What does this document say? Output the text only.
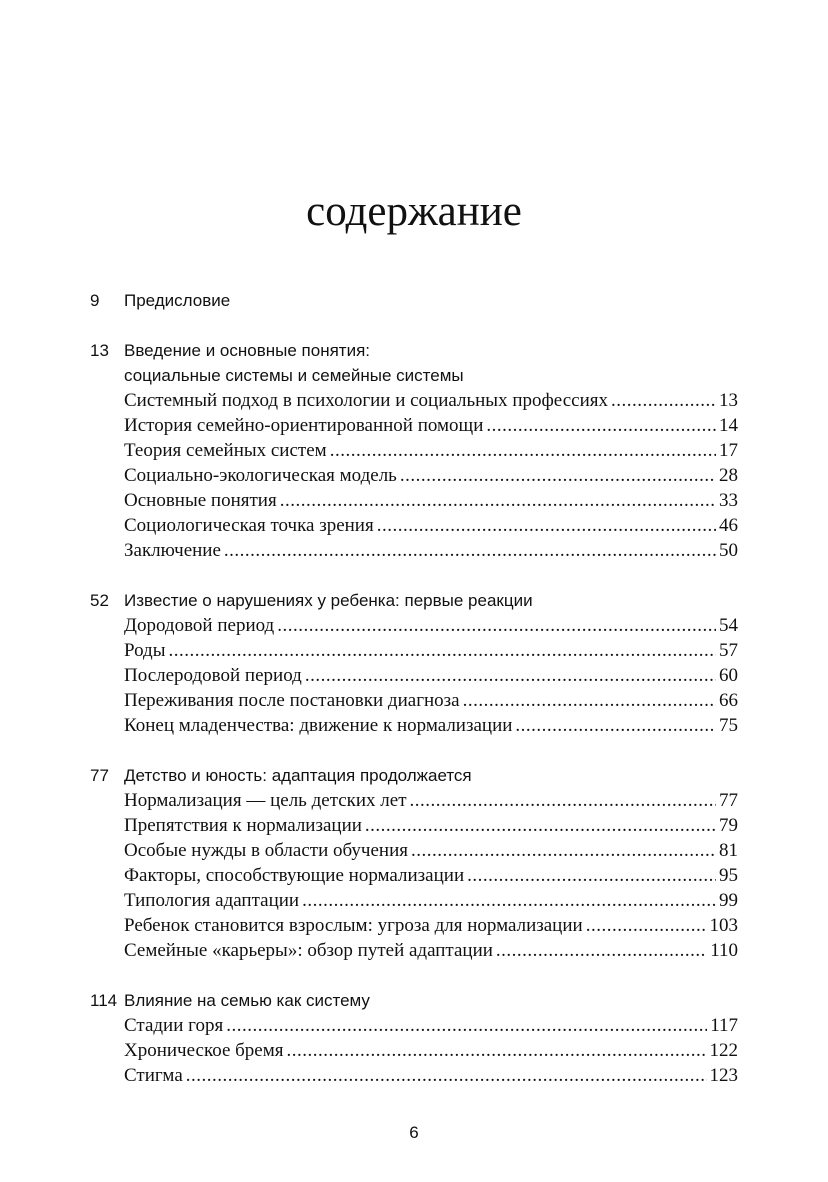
содержание
9 Предисловие
13 Введение и основные понятия:
социальные системы и семейные системы
Системный подход в психологии и социальных профессиях .....	13
История семейно-ориентированной помощи .....	14
Теория семейных систем .....	17
Социально-экологическая модель .....	28
Основные понятия .....	33
Социологическая точка зрения .....	46
Заключение .....	50
52 Известие о нарушениях у ребенка: первые реакции
Дородовой период .....	54
Роды .....	57
Послеродовой период .....	60
Переживания после постановки диагноза .....	66
Конец младенчества: движение к нормализации .....	75
77 Детство и юность: адаптация продолжается
Нормализация — цель детских лет .....	77
Препятствия к нормализации .....	79
Особые нужды в области обучения .....	81
Факторы, способствующие нормализации .....	95
Типология адаптации .....	99
Ребенок становится взрослым: угроза для нормализации .....	103
Семейные «карьеры»: обзор путей адаптации .....	110
114 Влияние на семью как систему
Стадии горя .....	117
Хроническое бремя .....	122
Стигма .....	123
6
